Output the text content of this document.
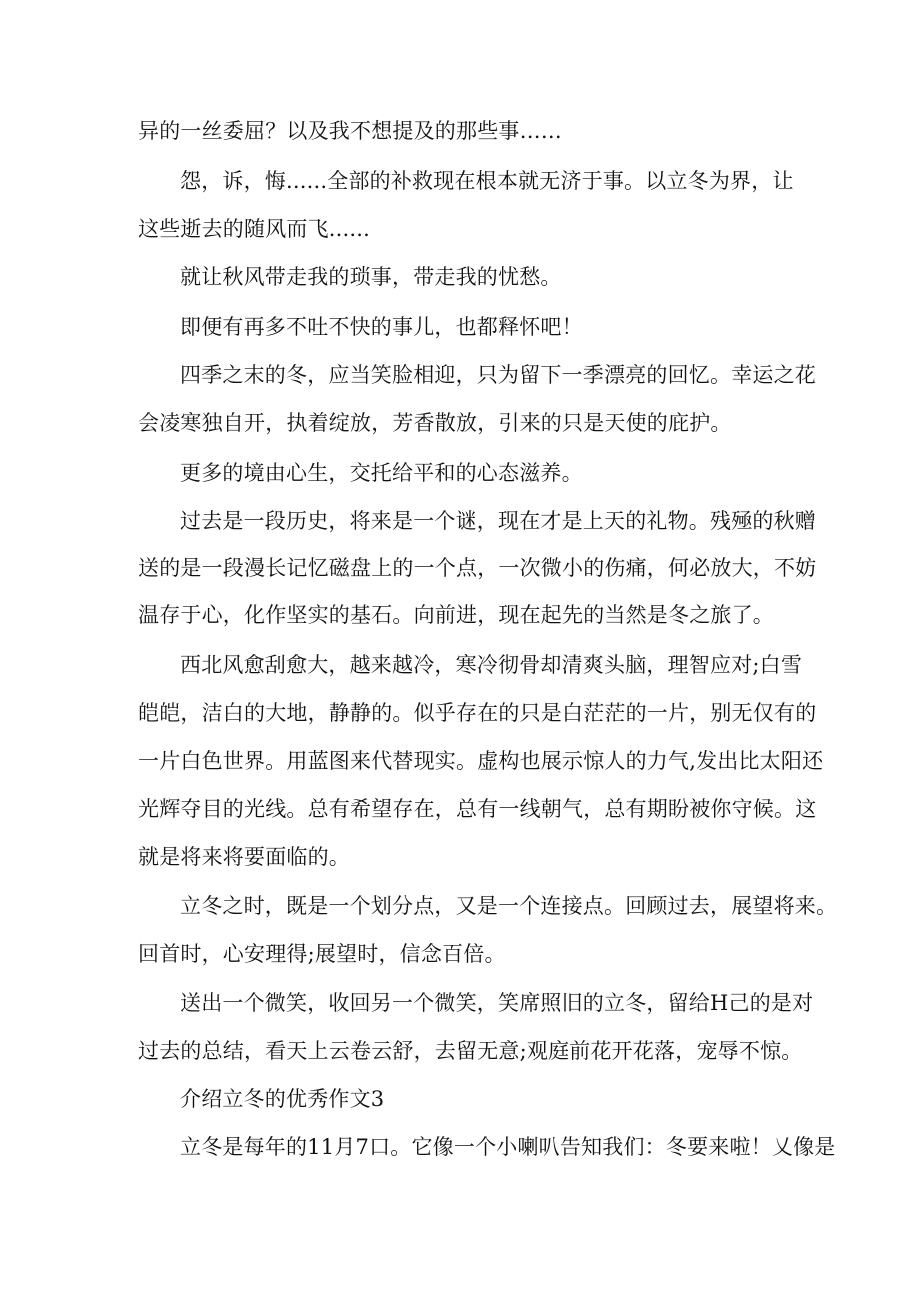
异的一丝委屈？以及我不想提及的那些事……
怨，诉，悔......全部的补救现在根本就无济于事。以立冬为界，让
这些逝去的随风而飞......
就让秋风带走我的琐事，带走我的忧愁。
即便有再多不吐不快的事儿，也都释怀吧！
四季之末的冬，应当笑脸相迎，只为留下一季漂亮的回忆。幸运之花
会凌寒独自开，执着绽放，芳香散放，引来的只是天使的庇护。
更多的境由心生，交托给平和的心态滋养。
过去是一段历史，将来是一个谜，现在才是上天的礼物。残殛的秋赠
送的是一段漫长记忆磁盘上的一个点，一次微小的伤痛，何必放大，不妨
温存于心，化作坚实的基石。向前进，现在起先的当然是冬之旅了。
西北风愈刮愈大，越来越冷，寒冷彻骨却清爽头脑，理智应对;白雪
皑皑，洁白的大地，静静的。似乎存在的只是白茫茫的一片，别无仅有的
一片白色世界。用蓝图来代替现实。虚构也展示惊人的力气,发出比太阳还
光辉夺目的光线。总有希望存在，总有一线朝气，总有期盼被你守候。这
就是将来将要面临的。
立冬之时，既是一个划分点，又是一个连接点。回顾过去，展望将来。
回首时，心安理得;展望时，信念百倍。
送出一个微笑，收回另一个微笑，笑席照旧的立冬，留给H己的是对
过去的总结，看天上云卷云舒，去留无意;观庭前花开花落，宠辱不惊。
介绍立冬的优秀作文3
立冬是每年的11月7口。它像一个小喇叭告知我们：冬要来啦！乂像是
